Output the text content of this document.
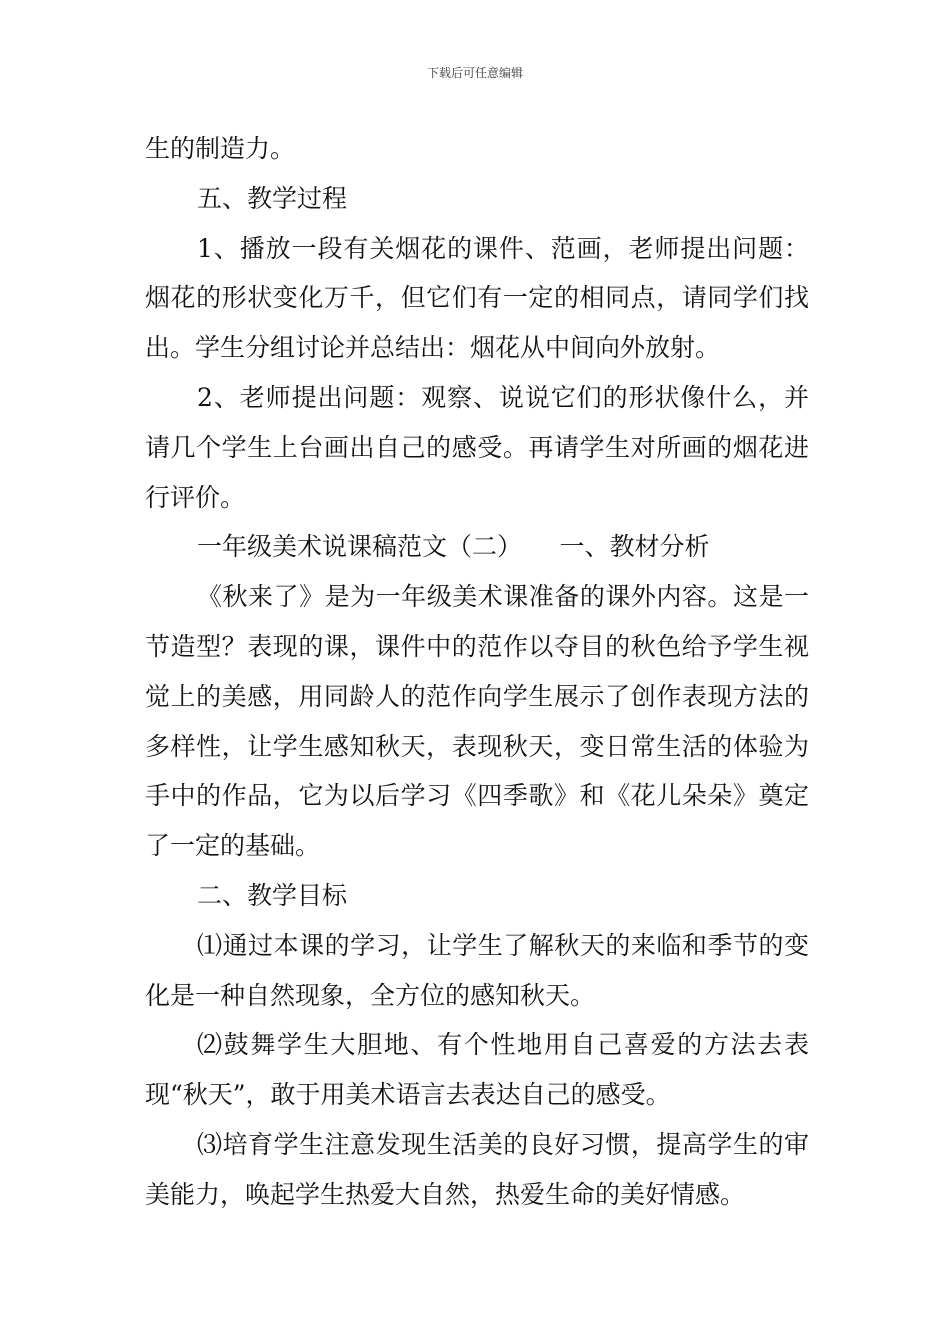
下载后可任意编辑

生的制造力。

五、教学过程

1、播放一段有关烟花的课件、范画，老师提出问题：烟花的形状变化万千，但它们有一定的相同点，请同学们找出。学生分组讨论并总结出：烟花从中间向外放射。

2、老师提出问题：观察、说说它们的形状像什么，并请几个学生上台画出自己的感受。再请学生对所画的烟花进行评价。

一年级美术说课稿范文（二）　　一、教材分析

《秋来了》是为一年级美术课准备的课外内容。这是一节造型？表现的课，课件中的范作以夺目的秋色给予学生视觉上的美感，用同龄人的范作向学生展示了创作表现方法的多样性，让学生感知秋天，表现秋天，变日常生活的体验为手中的作品，它为以后学习《四季歌》和《花儿朵朵》奠定了一定的基础。

二、教学目标

⑴通过本课的学习，让学生了解秋天的来临和季节的变化是一种自然现象，全方位的感知秋天。

⑵鼓舞学生大胆地、有个性地用自己喜爱的方法去表现“秋天”，敢于用美术语言去表达自己的感受。

⑶培育学生注意发现生活美的良好习惯，提高学生的审美能力，唤起学生热爱大自然，热爱生命的美好情感。
